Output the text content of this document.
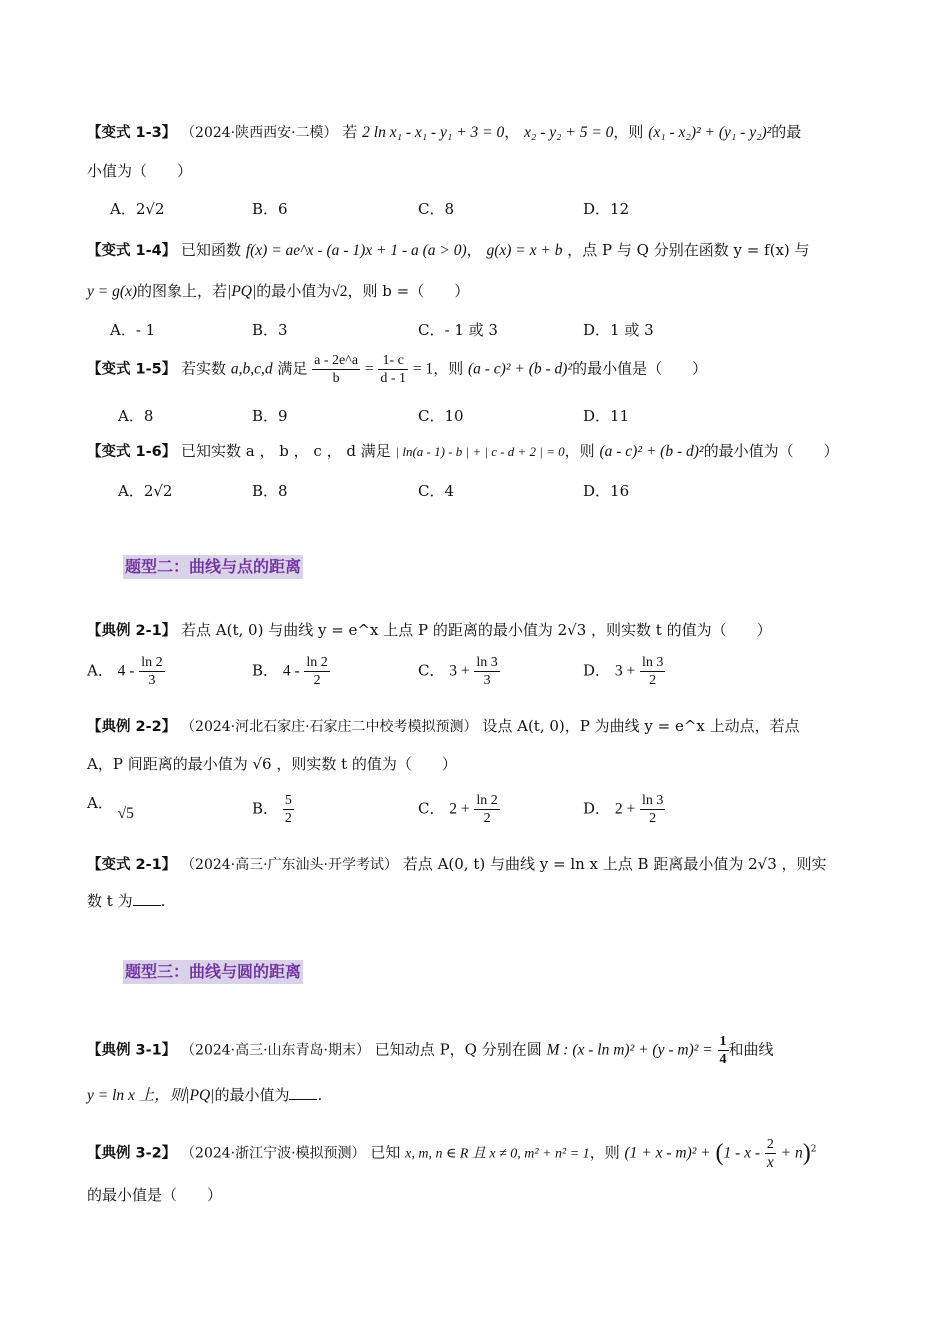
【变式 1-3】 （2024·陕西西安·二模） 若 2 ln x₁ - x₁ - y₁ + 3 = 0， x₂ - y₂ + 5 = 0，则 (x₁ - x₂)² + (y₁ - y₂)²的最
小值为（　　）
A．2√2	B．6	C．8	D．12
【变式 1-4】 已知函数 f(x) = ae^x - (a - 1)x + 1 - a (a > 0)， g(x) = x + b ，点 P 与 Q 分别在函数 y = f(x) 与
y = g(x)的图象上，若|PQ|的最小值为√2，则 b =（　　）
A．- 1	B．3	C．- 1 或 3	D．1 或 3
【变式 1-5】 若实数 a,b,c,d 满足 $\frac{a - 2e\^{}a}{b} = \frac{1- c}{d - 1} = 1$，则 (a - c)² + (b - d)²的最小值是（　　）
A．8	B．9	C．10	D．11
【变式 1-6】 已知实数 a ， b ， c ， d 满足 | ln(a - 1) - b | + | c - d + 2 | = 0，则 (a - c)² + (b - d)²的最小值为（　　）
A．2√2	B．8	C．4	D．16
题型二：曲线与点的距离
【典例 2-1】 若点 A(t, 0) 与曲线 y = e^x 上点 P 的距离的最小值为 2√3 ，则实数 t 的值为（　　）
A． $4 - \frac{\ln 2}{3}$	B． $4 - \frac{\ln 2}{2}$	C． $3 + \frac{\ln 3}{3}$	D． $3 + \frac{\ln 3}{2}$
【典例 2-2】 （2024·河北石家庄·石家庄二中校考模拟预测） 设点 A(t, 0)，P 为曲线 y = e^x 上动点，若点
A，P 间距离的最小值为 √6 ，则实数 t 的值为（　　）
A． √5	B． $\frac{5}{2}$	C． $2 + \frac{\ln 2}{2}$	D． $2 + \frac{\ln 3}{2}$
【变式 2-1】 （2024·高三·广东汕头·开学考试） 若点 A(0, t) 与曲线 y = ln x 上点 B 距离最小值为 2√3 ，则实
数 t 为 .
题型三：曲线与圆的距离
【典例 3-1】 （2024·高三·山东青岛·期末） 已知动点 P，Q 分别在圆 M : $(x - \ln m)^2 + (y - m)^2 = \frac{1}{4}$ 和曲线
y = ln x 上，则|PQ|的最小值为 .
【典例 3-2】 （2024·浙江宁波·模拟预测） 已知 x, m, n ∈ R 且 x ≠ 0, m² + n² = 1，则 $(1 + x - m)^2 + (1 - x - \frac{2}{x} + n)^2$
的最小值是（　　）
